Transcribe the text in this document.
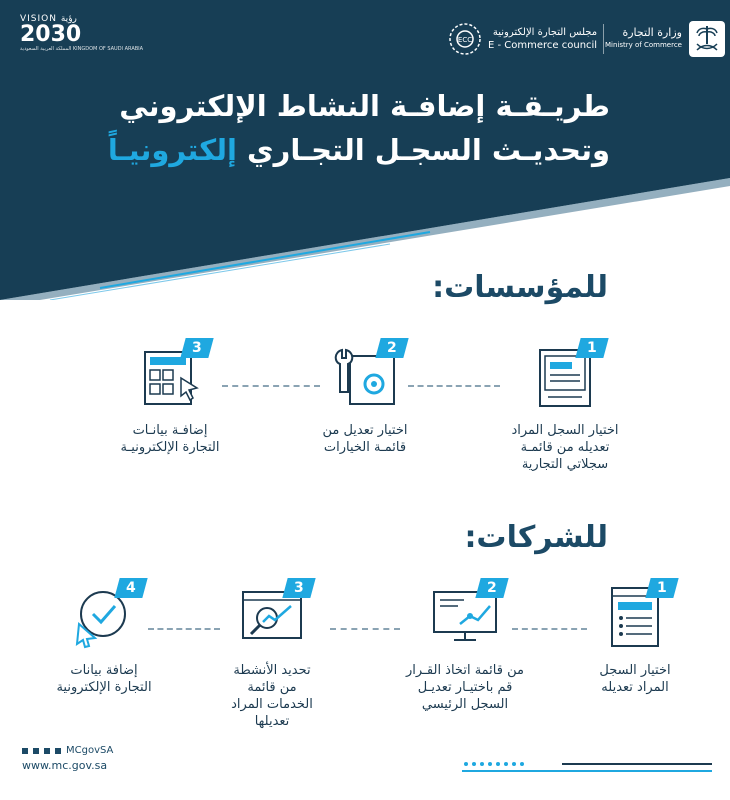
VISION رؤية
2030
المملكة العربية السعودية KINGDOM OF SAUDI ARABIA
ECC
مجلس التجارة الإلكترونية
E - Commerce council
وزارة التجارة
Ministry of Commerce
طريـقـة إضافـة النشاط الإلكتروني
وتحديـث السجـل التجـاري إلكترونيـاً
للمؤسسات:
1
اختيار السجل المراد
تعديله من قائمـة
سجلاتي التجارية
2
اختيار تعديل من
قائمـة الخيارات
3
إضافـة بيانـات
التجارة الإلكترونيـة
للشركات:
1
اختيار السجل
المراد تعديله
2
من قائمة اتخاذ القـرار
قم باختيـار تعديـل
السجل الرئيسي
3
تحديد الأنشطة
من قائمة
الخدمات المراد
تعديلها
4
إضافة بيانات
التجارة الإلكترونية
MCgovSA
www.mc.gov.sa
